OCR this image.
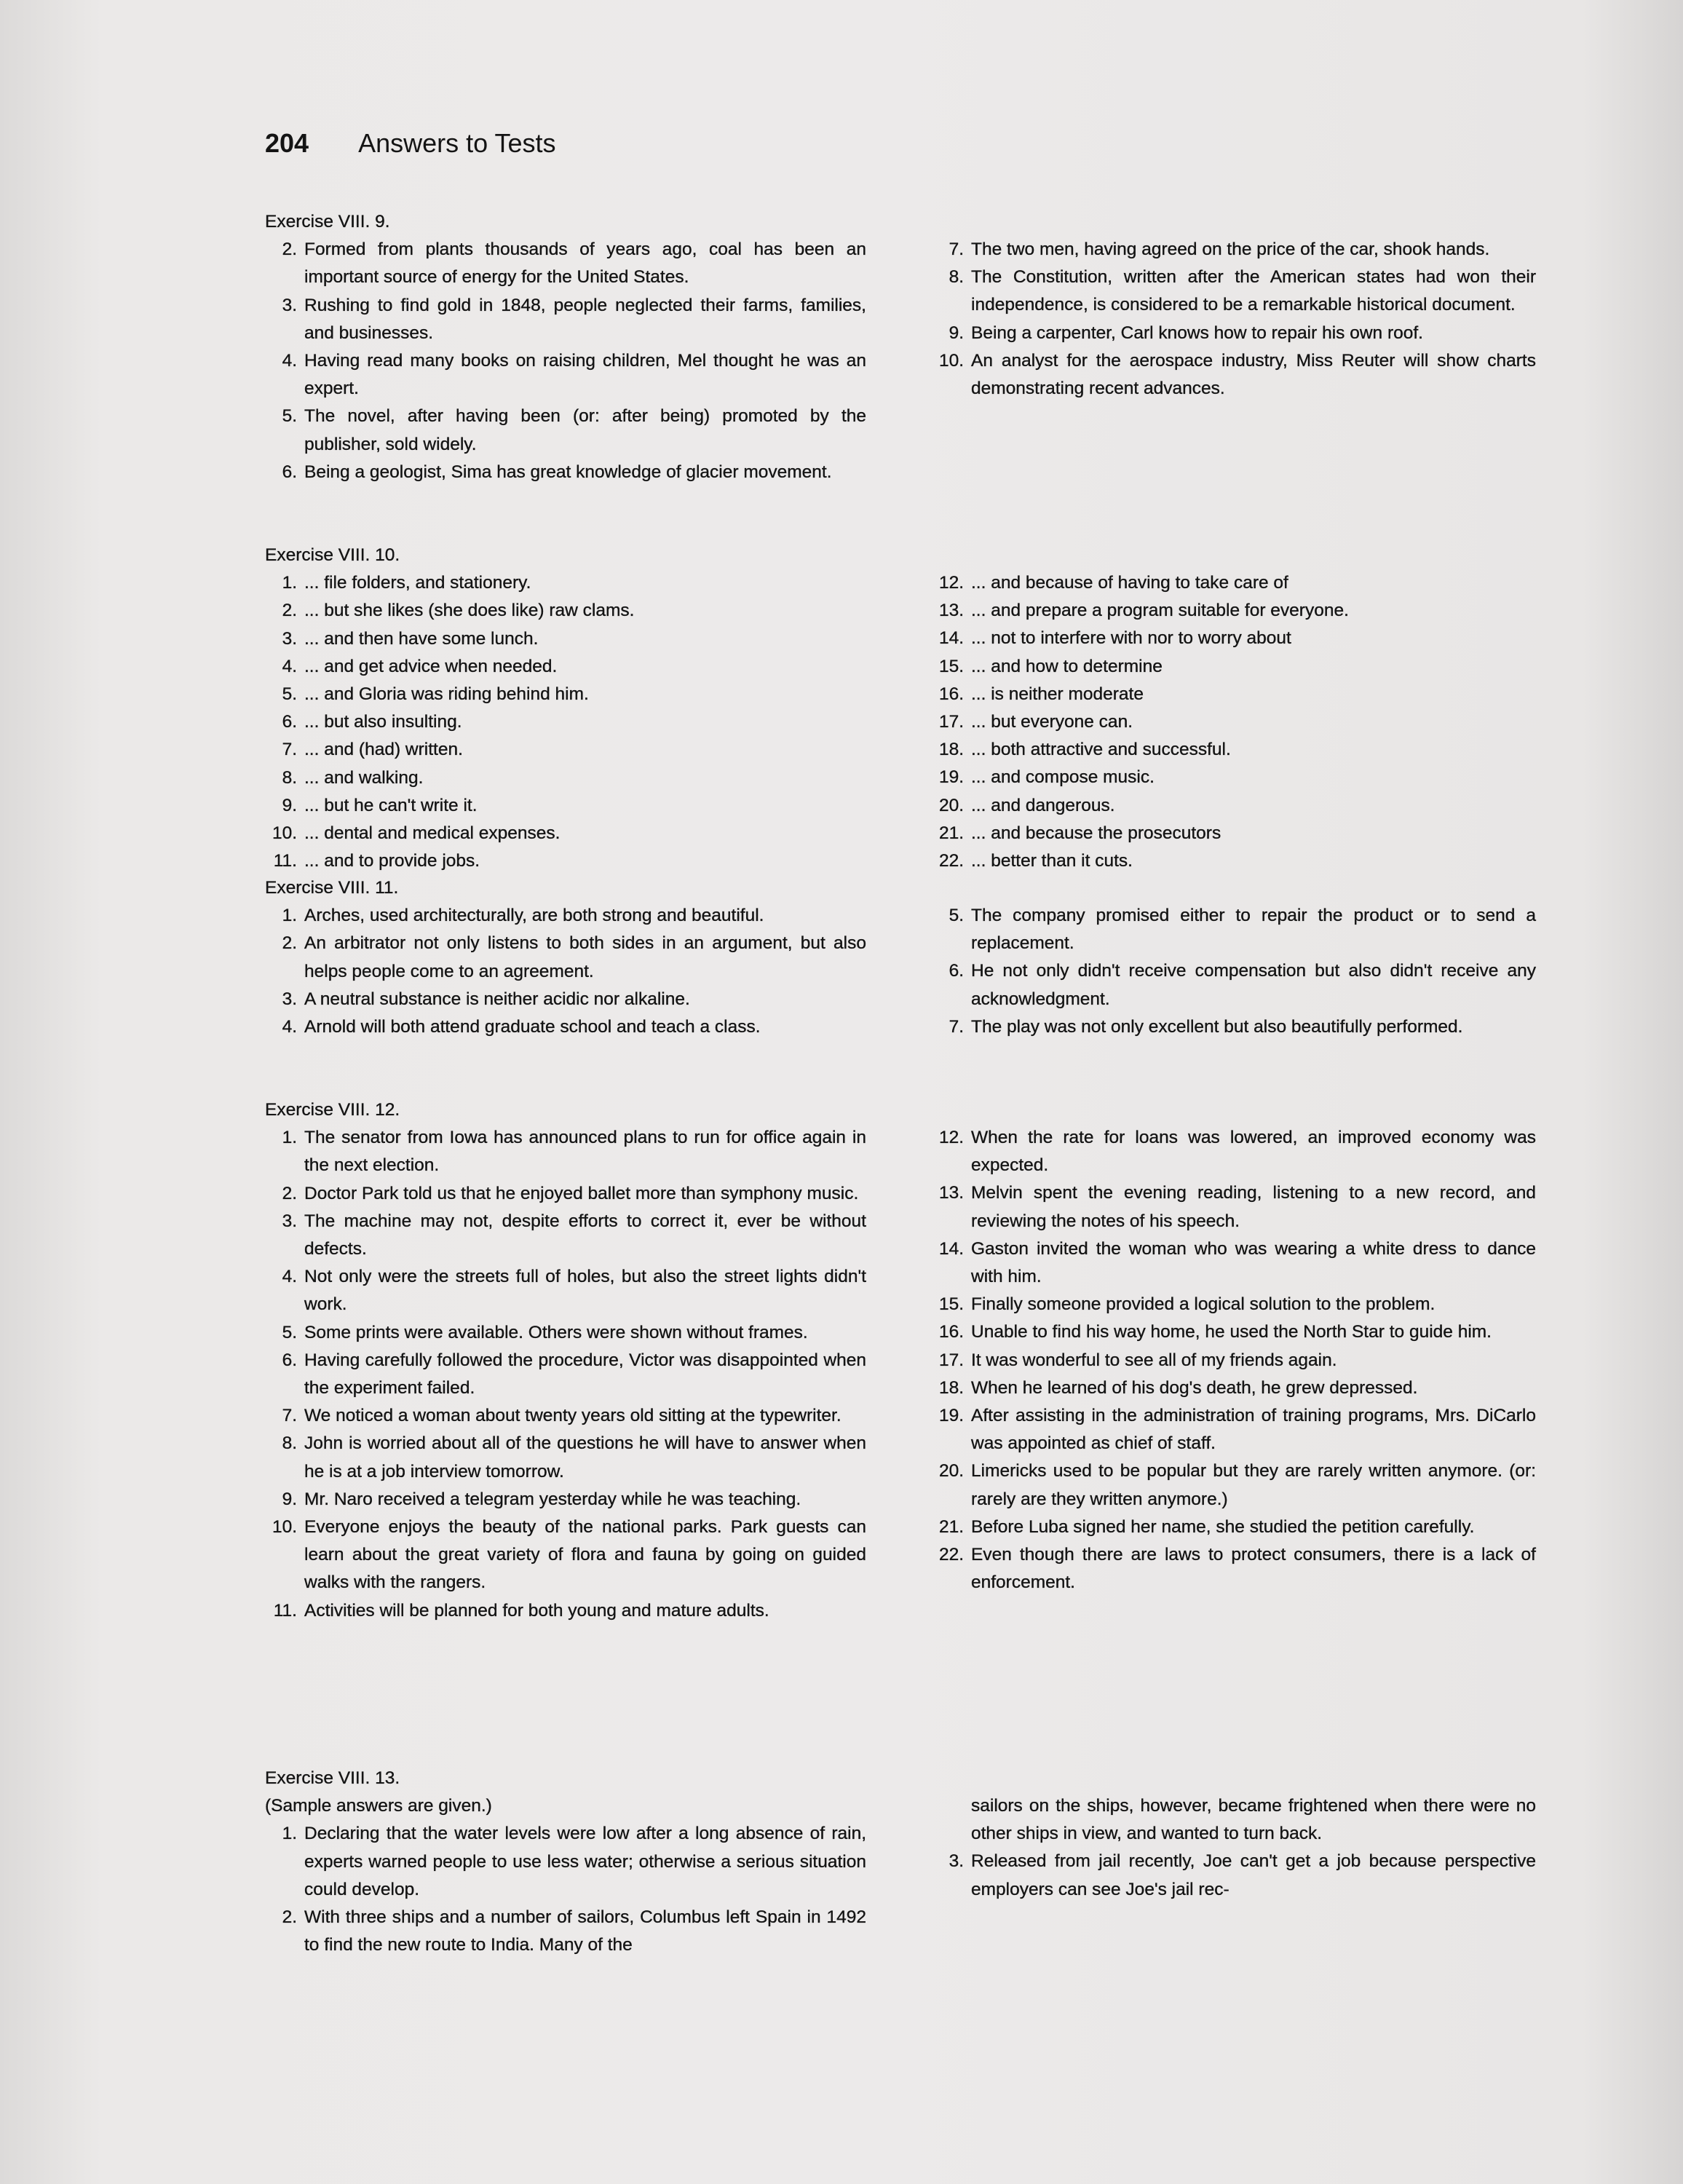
204 Answers to Tests
Exercise VIII. 9.
2. Formed from plants thousands of years ago, coal has been an important source of energy for the United States.
3. Rushing to find gold in 1848, people neglected their farms, families, and businesses.
4. Having read many books on raising children, Mel thought he was an expert.
5. The novel, after having been (or: after being) promoted by the publisher, sold widely.
6. Being a geologist, Sima has great knowledge of glacier movement.
7. The two men, having agreed on the price of the car, shook hands.
8. The Constitution, written after the American states had won their independence, is considered to be a remarkable historical document.
9. Being a carpenter, Carl knows how to repair his own roof.
10. An analyst for the aerospace industry, Miss Reuter will show charts demonstrating recent advances.
Exercise VIII. 10.
1. ... file folders, and stationery.
2. ... but she likes (she does like) raw clams.
3. ... and then have some lunch.
4. ... and get advice when needed.
5. ... and Gloria was riding behind him.
6. ... but also insulting.
7. ... and (had) written.
8. ... and walking.
9. ... but he can't write it.
10. ... dental and medical expenses.
11. ... and to provide jobs.
12. ... and because of having to take care of
13. ... and prepare a program suitable for everyone.
14. ... not to interfere with nor to worry about
15. ... and how to determine
16. ... is neither moderate
17. ... but everyone can.
18. ... both attractive and successful.
19. ... and compose music.
20. ... and dangerous.
21. ... and because the prosecutors
22. ... better than it cuts.
Exercise VIII. 11.
1. Arches, used architecturally, are both strong and beautiful.
2. An arbitrator not only listens to both sides in an argument, but also helps people come to an agreement.
3. A neutral substance is neither acidic nor alkaline.
4. Arnold will both attend graduate school and teach a class.
5. The company promised either to repair the product or to send a replacement.
6. He not only didn't receive compensation but also didn't receive any acknowledgment.
7. The play was not only excellent but also beautifully performed.
Exercise VIII. 12.
1. The senator from Iowa has announced plans to run for office again in the next election.
2. Doctor Park told us that he enjoyed ballet more than symphony music.
3. The machine may not, despite efforts to correct it, ever be without defects.
4. Not only were the streets full of holes, but also the street lights didn't work.
5. Some prints were available. Others were shown without frames.
6. Having carefully followed the procedure, Victor was disappointed when the experiment failed.
7. We noticed a woman about twenty years old sitting at the typewriter.
8. John is worried about all of the questions he will have to answer when he is at a job interview tomorrow.
9. Mr. Naro received a telegram yesterday while he was teaching.
10. Everyone enjoys the beauty of the national parks. Park guests can learn about the great variety of flora and fauna by going on guided walks with the rangers.
11. Activities will be planned for both young and mature adults.
12. When the rate for loans was lowered, an improved economy was expected.
13. Melvin spent the evening reading, listening to a new record, and reviewing the notes of his speech.
14. Gaston invited the woman who was wearing a white dress to dance with him.
15. Finally someone provided a logical solution to the problem.
16. Unable to find his way home, he used the North Star to guide him.
17. It was wonderful to see all of my friends again.
18. When he learned of his dog's death, he grew depressed.
19. After assisting in the administration of training programs, Mrs. DiCarlo was appointed as chief of staff.
20. Limericks used to be popular but they are rarely written anymore. (or: rarely are they written anymore.)
21. Before Luba signed her name, she studied the petition carefully.
22. Even though there are laws to protect consumers, there is a lack of enforcement.
Exercise VIII. 13.
(Sample answers are given.)
1. Declaring that the water levels were low after a long absence of rain, experts warned people to use less water; otherwise a serious situation could develop.
2. With three ships and a number of sailors, Columbus left Spain in 1492 to find the new route to India. Many of the
sailors on the ships, however, became frightened when there were no other ships in view, and wanted to turn back.
3. Released from jail recently, Joe can't get a job because perspective employers can see Joe's jail rec-
